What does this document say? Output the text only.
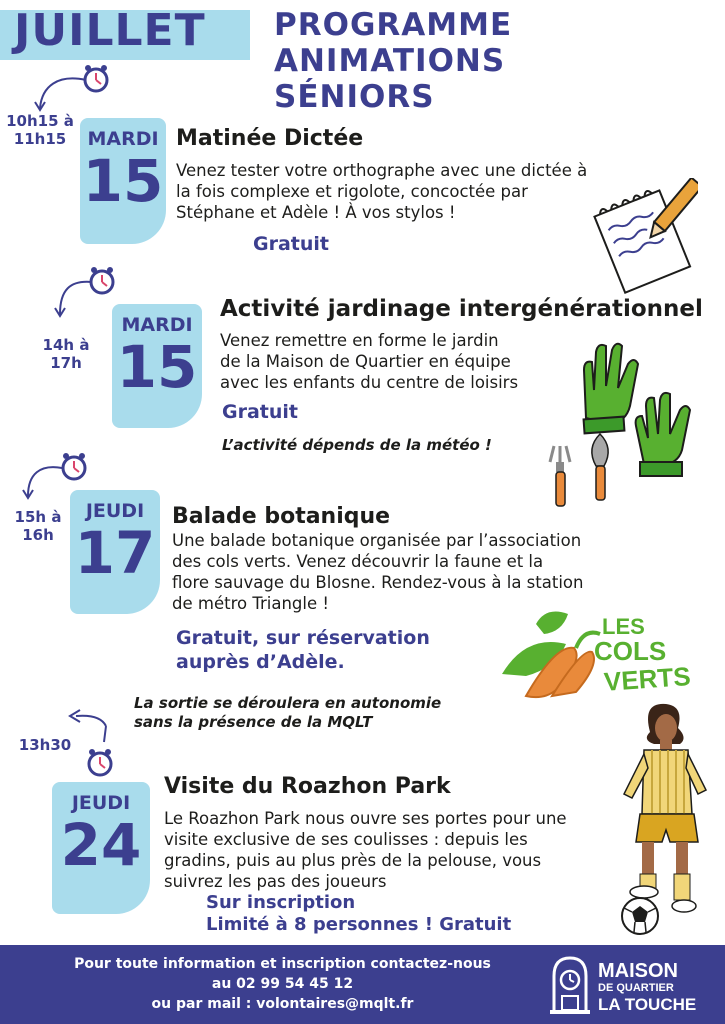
JUILLET PROGRAMME
ANIMATIONS
SÉNIORS
10h15 à
11h15	MARDI
15
Matinée Dictée
Venez tester votre orthographe avec une dictée à
la fois complexe et rigolote, concoctée par
Stéphane et Adèle ! À vos stylos !
Gratuit
14h à
17h
MARDI
15
Activité jardinage intergénérationnel
Venez remettre en forme le jardin
de la Maison de Quartier en équipe
avec les enfants du centre de loisirs
Gratuit
L’activité dépends de la météo !
15h à
16h
JEUDI
17
Balade botanique
Une balade botanique organisée par l’association
des cols verts. Venez découvrir la faune et la
flore sauvage du Blosne. Rendez-vous à la station
de métro Triangle !
Gratuit, sur réservation
auprès d’Adèle.
La sortie se déroulera en autonomie
sans la présence de la MQLT
LES
COLS
VERTS
13h30
JEUDI
24
Visite du Roazhon Park
Le Roazhon Park nous ouvre ses portes pour une
visite exclusive de ses coulisses : depuis les
gradins, puis au plus près de la pelouse, vous
suivrez les pas des joueurs
Sur inscription
Limité à 8 personnes ! Gratuit
Pour toute information et inscription contactez-nous
au 02 99 54 45 12
ou par mail : volontaires@mqlt.fr
MAISON
DE QUARTIER
LA TOUCHE
